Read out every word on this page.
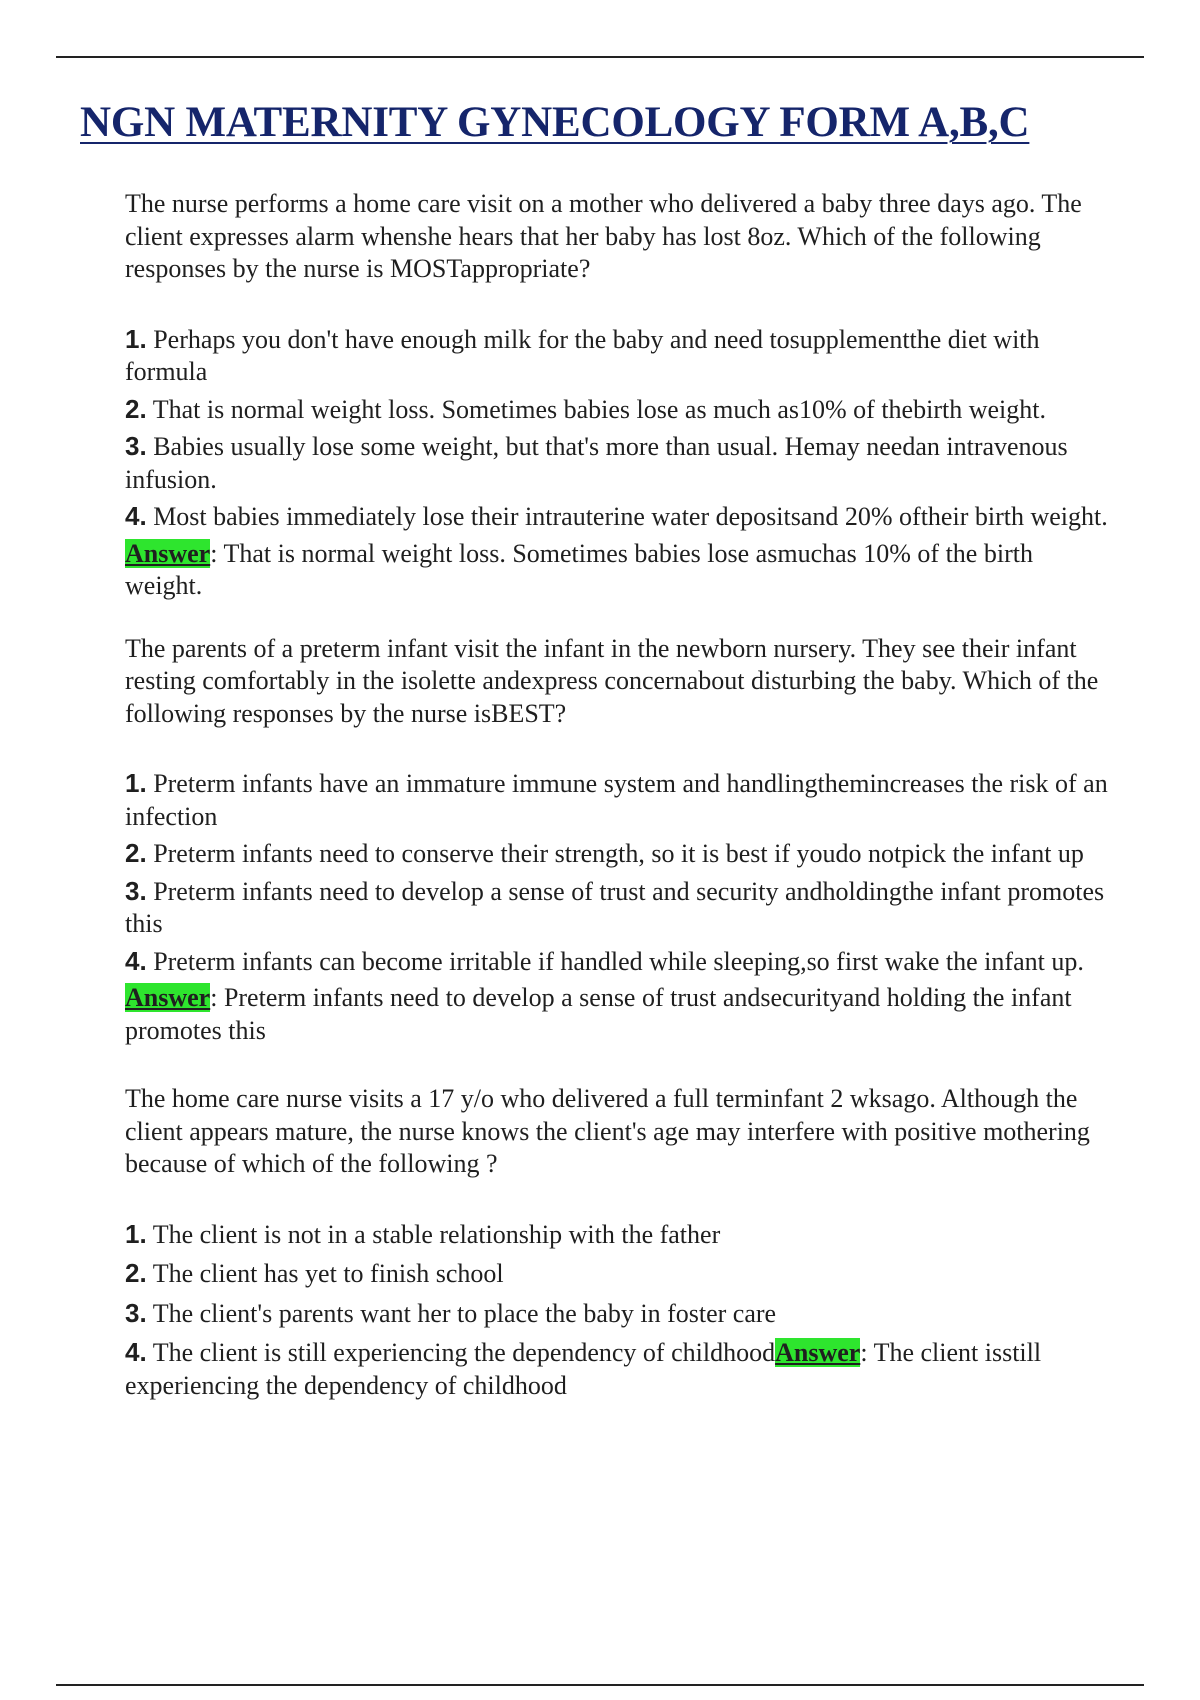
NGN MATERNITY GYNECOLOGY FORM A,B,C

The nurse performs a home care visit on a mother who delivered a baby three days ago. The client expresses alarm whenshe hears that her baby has lost 8oz. Which of the following responses by the nurse is MOSTappropriate?

1. Perhaps you don't have enough milk for the baby and need tosupplementthe diet with formula
2. That is normal weight loss. Sometimes babies lose as much as10% of thebirth weight.
3. Babies usually lose some weight, but that's more than usual. Hemay needan intravenous infusion.
4. Most babies immediately lose their intrauterine water depositsand 20% oftheir birth weight.

Answer: That is normal weight loss. Sometimes babies lose asmuchas 10% of the birth weight.

The parents of a preterm infant visit the infant in the newborn nursery. They see their infant resting comfortably in the isolette andexpress concernabout disturbing the baby. Which of the following responses by the nurse isBEST?

1. Preterm infants have an immature immune system and handlingthemincreases the risk of an infection
2. Preterm infants need to conserve their strength, so it is best if youdo notpick the infant up
3. Preterm infants need to develop a sense of trust and security andholdingthe infant promotes this
4. Preterm infants can become irritable if handled while sleeping,so first wake the infant up.

Answer: Preterm infants need to develop a sense of trust andsecurityand holding the infant promotes this

The home care nurse visits a 17 y/o who delivered a full terminfant 2 wksago. Although the client appears mature, the nurse knows the client's age may interfere with positive mothering because of which of the following ?

1. The client is not in a stable relationship with the father
2. The client has yet to finish school
3. The client's parents want her to place the baby in foster care
4. The client is still experiencing the dependency of childhoodAnswer: The client isstill experiencing the dependency of childhood
